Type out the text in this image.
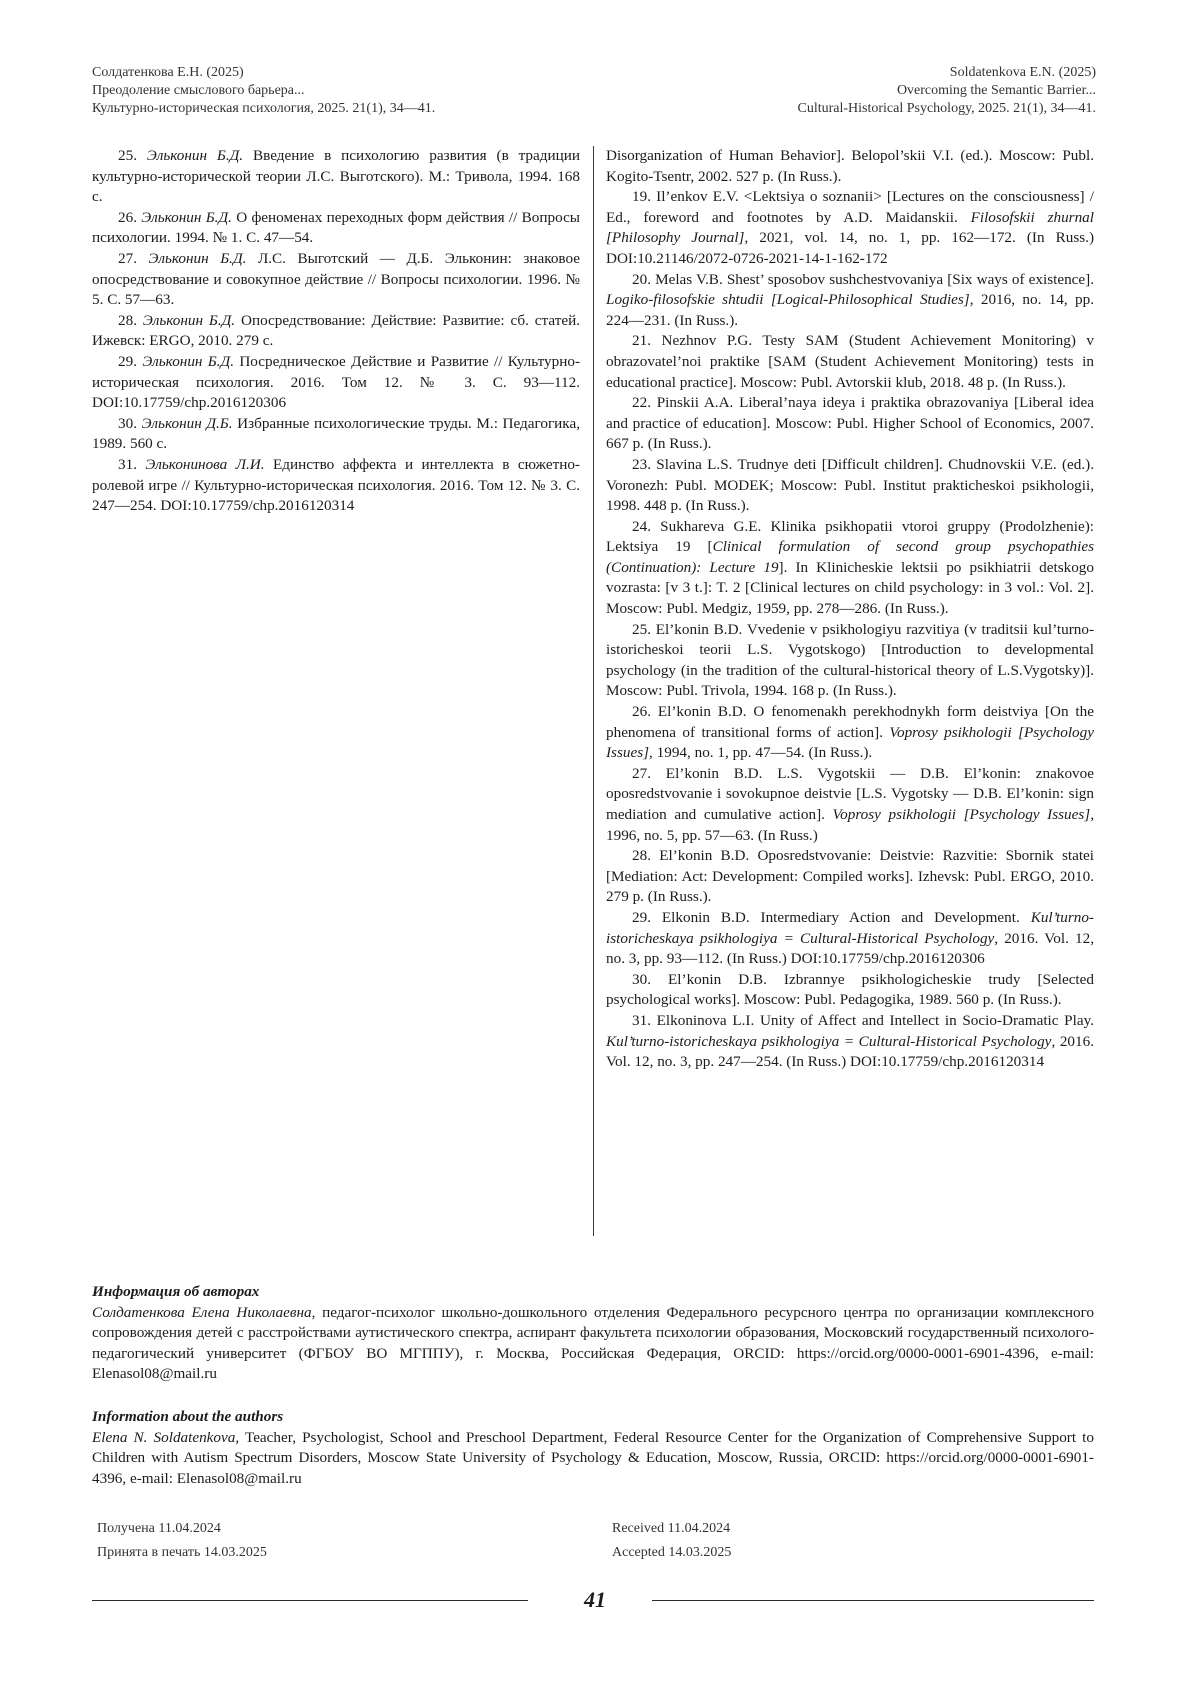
Солдатенкова Е.Н. (2025)
Преодоление смыслового барьера...
Культурно-историческая психология, 2025. 21(1), 34—41.
Soldatenkova E.N. (2025)
Overcoming the Semantic Barrier...
Cultural-Historical Psychology, 2025. 21(1), 34—41.

25. Эльконин Б.Д. Введение в психологию развития (в традиции культурно-исторической теории Л.С. Выготского). М.: Тривола, 1994. 168 с.

26. Эльконин Б.Д. О феноменах переходных форм действия // Вопросы психологии. 1994. № 1. С. 47—54.

27. Эльконин Б.Д. Л.С. Выготский — Д.Б. Эльконин: знаковое опосредствование и совокупное действие // Вопросы психологии. 1996. № 5. С. 57—63.

28. Эльконин Б.Д. Опосредствование: Действие: Развитие: сб. статей. Ижевск: ERGO, 2010. 279 с.

29. Эльконин Б.Д. Посредническое Действие и Развитие // Культурно-историческая психология. 2016. Том 12. № 3. С. 93—112. DOI:10.17759/chp.2016120306

30. Эльконин Д.Б. Избранные психологические труды. М.: Педагогика, 1989. 560 с.

31. Эльконинова Л.И. Единство аффекта и интеллекта в сюжетно-ролевой игре // Культурно-историческая психология. 2016. Том 12. № 3. С. 247—254. DOI:10.17759/chp.2016120314

Disorganization of Human Behavior]. Belopol’skii V.I. (ed.). Moscow: Publ. Kogito-Tsentr, 2002. 527 p. (In Russ.).

19. Il’enkov E.V. <Lektsiya o soznanii> [Lectures on the consciousness] / Ed., foreword and footnotes by A.D. Maidanskii. Filosofskii zhurnal [Philosophy Journal], 2021, vol. 14, no. 1, pp. 162—172. (In Russ.) DOI:10.21146/2072-0726-2021-14-1-162-172

20. Melas V.B. Shest’ sposobov sushchestvovaniya [Six ways of existence]. Logiko-filosofskie shtudii [Logical-Philosophical Studies], 2016, no. 14, pp. 224—231. (In Russ.).

21. Nezhnov P.G. Testy SAM (Student Achievement Monitoring) v obrazovatel’noi praktike [SAM (Student Achievement Monitoring) tests in educational practice]. Moscow: Publ. Avtorskii klub, 2018. 48 p. (In Russ.).

22. Pinskii A.A. Liberal’naya ideya i praktika obrazovaniya [Liberal idea and practice of education]. Moscow: Publ. Higher School of Economics, 2007. 667 p. (In Russ.).

23. Slavina L.S. Trudnye deti [Difficult children]. Chudnovskii V.E. (ed.). Voronezh: Publ. MODEK; Moscow: Publ. Institut prakticheskoi psikhologii, 1998. 448 p. (In Russ.).

24. Sukhareva G.E. Klinika psikhopatii vtoroi gruppy (Prodolzhenie): Lektsiya 19 [Clinical formulation of second group psychopathies (Continuation): Lecture 19]. In Klinicheskie lektsii po psikhiatrii detskogo vozrasta: [v 3 t.]: T. 2 [Clinical lectures on child psychology: in 3 vol.: Vol. 2]. Moscow: Publ. Medgiz, 1959, pp. 278—286. (In Russ.).

25. El’konin B.D. Vvedenie v psikhologiyu razvitiya (v traditsii kul’turno-istoricheskoi teorii L.S. Vygotskogo) [Introduction to developmental psychology (in the tradition of the cultural-historical theory of L.S.Vygotsky)]. Moscow: Publ. Trivola, 1994. 168 p. (In Russ.).

26. El’konin B.D. O fenomenakh perekhodnykh form deistviya [On the phenomena of transitional forms of action]. Voprosy psikhologii [Psychology Issues], 1994, no. 1, pp. 47—54. (In Russ.).

27. El’konin B.D. L.S. Vygotskii — D.B. El’konin: znakovoe oposredstvovanie i sovokupnoe deistvie [L.S. Vygotsky — D.B. El’konin: sign mediation and cumulative action]. Voprosy psikhologii [Psychology Issues], 1996, no. 5, pp. 57—63. (In Russ.)

28. El’konin B.D. Oposredstvovanie: Deistvie: Razvitie: Sbornik statei [Mediation: Act: Development: Compiled works]. Izhevsk: Publ. ERGO, 2010. 279 p. (In Russ.).

29. Elkonin B.D. Intermediary Action and Development. Kul’turno-istoricheskaya psikhologiya = Cultural-Historical Psychology, 2016. Vol. 12, no. 3, pp. 93—112. (In Russ.) DOI:10.17759/chp.2016120306

30. El’konin D.B. Izbrannye psikhologicheskie trudy [Selected psychological works]. Moscow: Publ. Pedagogika, 1989. 560 p. (In Russ.).

31. Elkoninova L.I. Unity of Affect and Intellect in Socio-Dramatic Play. Kul’turno-istoricheskaya psikhologiya = Cultural-Historical Psychology, 2016. Vol. 12, no. 3, pp. 247—254. (In Russ.) DOI:10.17759/chp.2016120314

Информация об авторах

Солдатенкова Елена Николаевна, педагог-психолог школьно-дошкольного отделения Федерального ресурсного центра по организации комплексного сопровождения детей с расстройствами аутистического спектра, аспирант факультета психологии образования, Московский государственный психолого-педагогический университет (ФГБОУ ВО МГППУ), г. Москва, Российская Федерация, ORCID: https://orcid.org/0000-0001-6901-4396, e-mail: Elenasol08@mail.ru

Information about the authors

Elena N. Soldatenkova, Teacher, Psychologist, School and Preschool Department, Federal Resource Center for the Organization of Comprehensive Support to Children with Autism Spectrum Disorders, Moscow State University of Psychology & Education, Moscow, Russia, ORCID: https://orcid.org/0000-0001-6901-4396, e-mail: Elenasol08@mail.ru

Получена 11.04.2024
Принята в печать 14.03.2025
Received 11.04.2024
Accepted 14.03.2025
41
